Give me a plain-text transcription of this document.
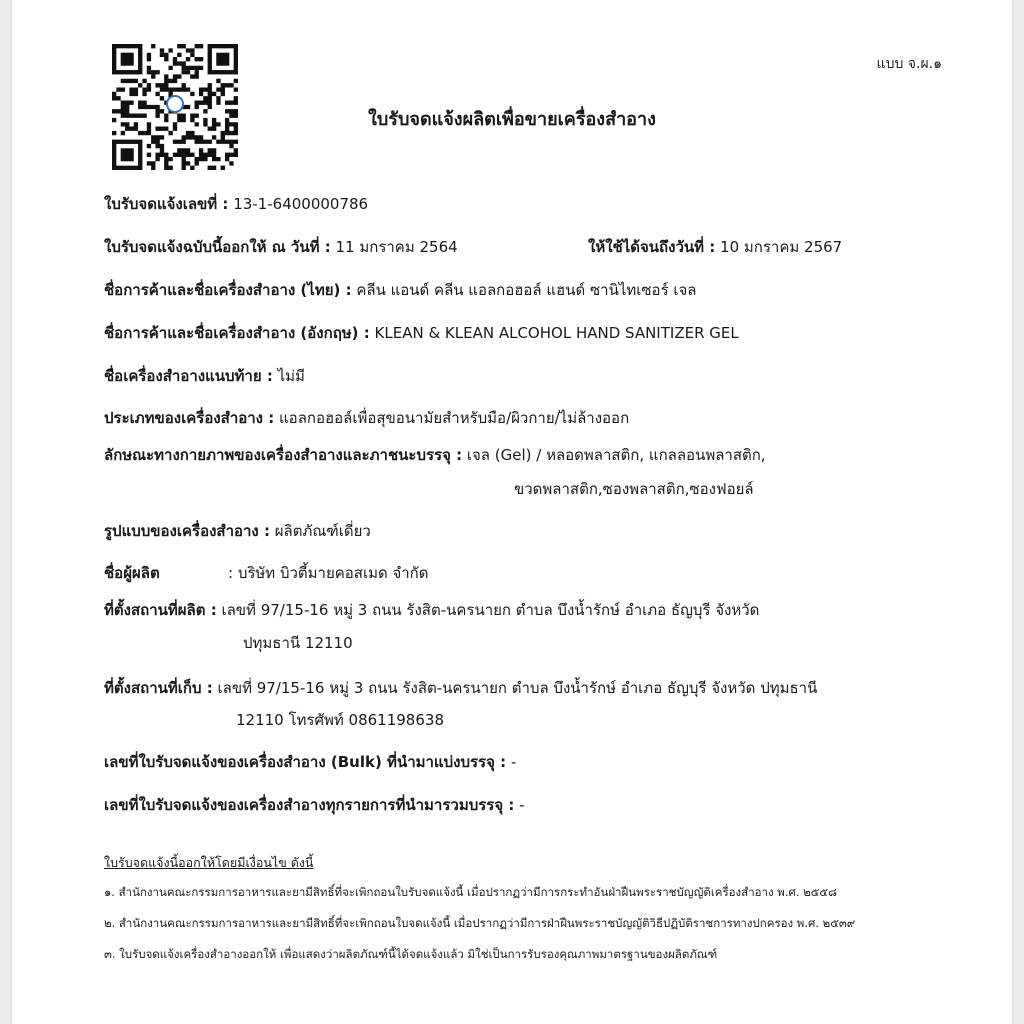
แบบ จ.ผ.๑
ใบรับจดแจ้งผลิตเพื่อขายเครื่องสำอาง
ใบรับจดแจ้งเลขที่ : 13-1-6400000786
ใบรับจดแจ้งฉบับนี้ออกให้ ณ วันที่ : 11 มกราคม 2564	ให้ใช้ได้จนถึงวันที่ : 10 มกราคม 2567
ชื่อการค้าและชื่อเครื่องสำอาง (ไทย) : คลีน แอนด์ คลีน แอลกอฮอล์ แฮนด์ ซานิไทเซอร์ เจล
ชื่อการค้าและชื่อเครื่องสำอาง (อังกฤษ) : KLEAN & KLEAN ALCOHOL HAND SANITIZER GEL
ชื่อเครื่องสำอางแนบท้าย : ไม่มี
ประเภทของเครื่องสำอาง : แอลกอฮอล์เพื่อสุขอนามัยสำหรับมือ/ผิวกาย/ไม่ล้างออก
ลักษณะทางกายภาพของเครื่องสำอางและภาชนะบรรจุ : เจล (Gel) / หลอดพลาสติก, แกลลอนพลาสติก,
ขวดพลาสติก,ซองพลาสติก,ซองฟอยล์
รูปแบบของเครื่องสำอาง : ผลิตภัณฑ์เดี่ยว
ชื่อผู้ผลิต	: บริษัท บิวตี้มายคอสเมด จำกัด
ที่ตั้งสถานที่ผลิต : เลขที่ 97/15-16 หมู่ 3 ถนน รังสิต-นครนายก ตำบล บึงน้ำรักษ์ อำเภอ ธัญบุรี จังหวัด
ปทุมธานี 12110
ที่ตั้งสถานที่เก็บ : เลขที่ 97/15-16 หมู่ 3 ถนน รังสิต-นครนายก ตำบล บึงน้ำรักษ์ อำเภอ ธัญบุรี จังหวัด ปทุมธานี
12110 โทรศัพท์ 0861198638
เลขที่ใบรับจดแจ้งของเครื่องสำอาง (Bulk) ที่นำมาแบ่งบรรจุ : -
เลขที่ใบรับจดแจ้งของเครื่องสำอางทุกรายการที่นำมารวมบรรจุ : -
ใบรับจดแจ้งนี้ออกให้โดยมีเงื่อนไข ดังนี้
๑. สำนักงานคณะกรรมการอาหารและยามีสิทธิ์ที่จะเพิกถอนใบรับจดแจ้งนี้ เมื่อปรากฏว่ามีการกระทำอันฝ่าฝืนพระราชบัญญัติเครื่องสำอาง พ.ศ. ๒๕๕๘
๒. สำนักงานคณะกรรมการอาหารและยามีสิทธิ์ที่จะเพิกถอนใบจดแจ้งนี้ เมื่อปรากฏว่ามีการฝ่าฝืนพระราชบัญญัติวิธีปฏิบัติราชการทางปกครอง พ.ศ. ๒๕๓๙
๓. ใบรับจดแจ้งเครื่องสำอางออกให้ เพื่อแสดงว่าผลิตภัณฑ์นี้ได้จดแจ้งแล้ว มิใช่เป็นการรับรองคุณภาพมาตรฐานของผลิตภัณฑ์
